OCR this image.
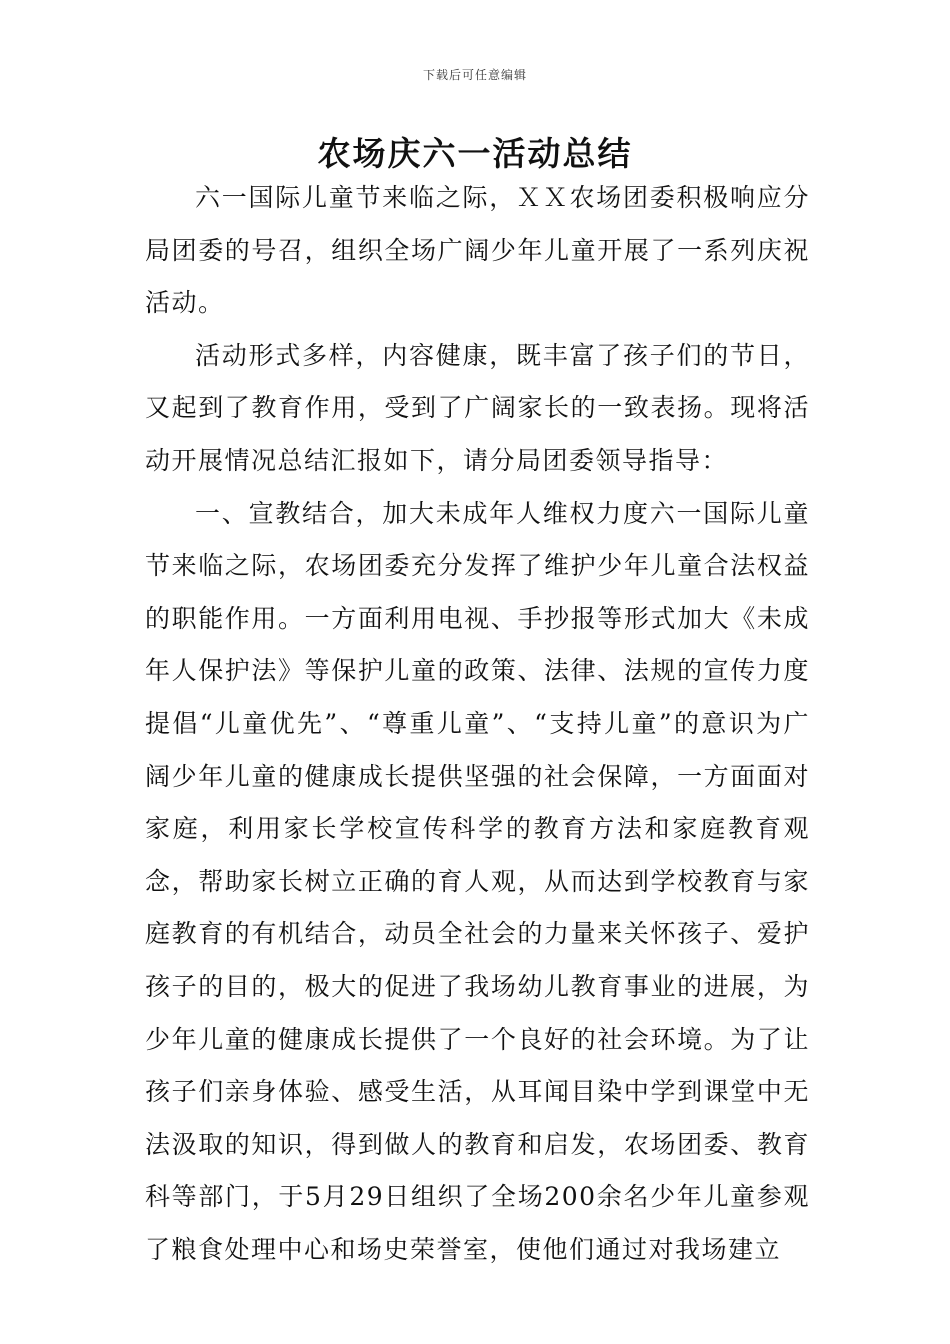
下载后可任意编辑
农场庆六一活动总结

六一国际儿童节来临之际，ＸＸ农场团委积极响应分局团委的号召，组织全场广阔少年儿童开展了一系列庆祝活动。

活动形式多样，内容健康，既丰富了孩子们的节日，又起到了教育作用，受到了广阔家长的一致表扬。现将活动开展情况总结汇报如下，请分局团委领导指导：

一、宣教结合，加大未成年人维权力度六一国际儿童节来临之际，农场团委充分发挥了维护少年儿童合法权益的职能作用。一方面利用电视、手抄报等形式加大《未成年人保护法》等保护儿童的政策、法律、法规的宣传力度提倡“儿童优先”、“尊重儿童”、“支持儿童”的意识为广阔少年儿童的健康成长提供坚强的社会保障，一方面面对家庭，利用家长学校宣传科学的教育方法和家庭教育观念，帮助家长树立正确的育人观，从而达到学校教育与家庭教育的有机结合，动员全社会的力量来关怀孩子、爱护孩子的目的，极大的促进了我场幼儿教育事业的进展，为少年儿童的健康成长提供了一个良好的社会环境。为了让孩子们亲身体验、感受生活，从耳闻目染中学到课堂中无法汲取的知识，得到做人的教育和启发，农场团委、教育科等部门，于5月29日组织了全场200余名少年儿童参观了粮食处理中心和场史荣誉室，使他们通过对我场建立
